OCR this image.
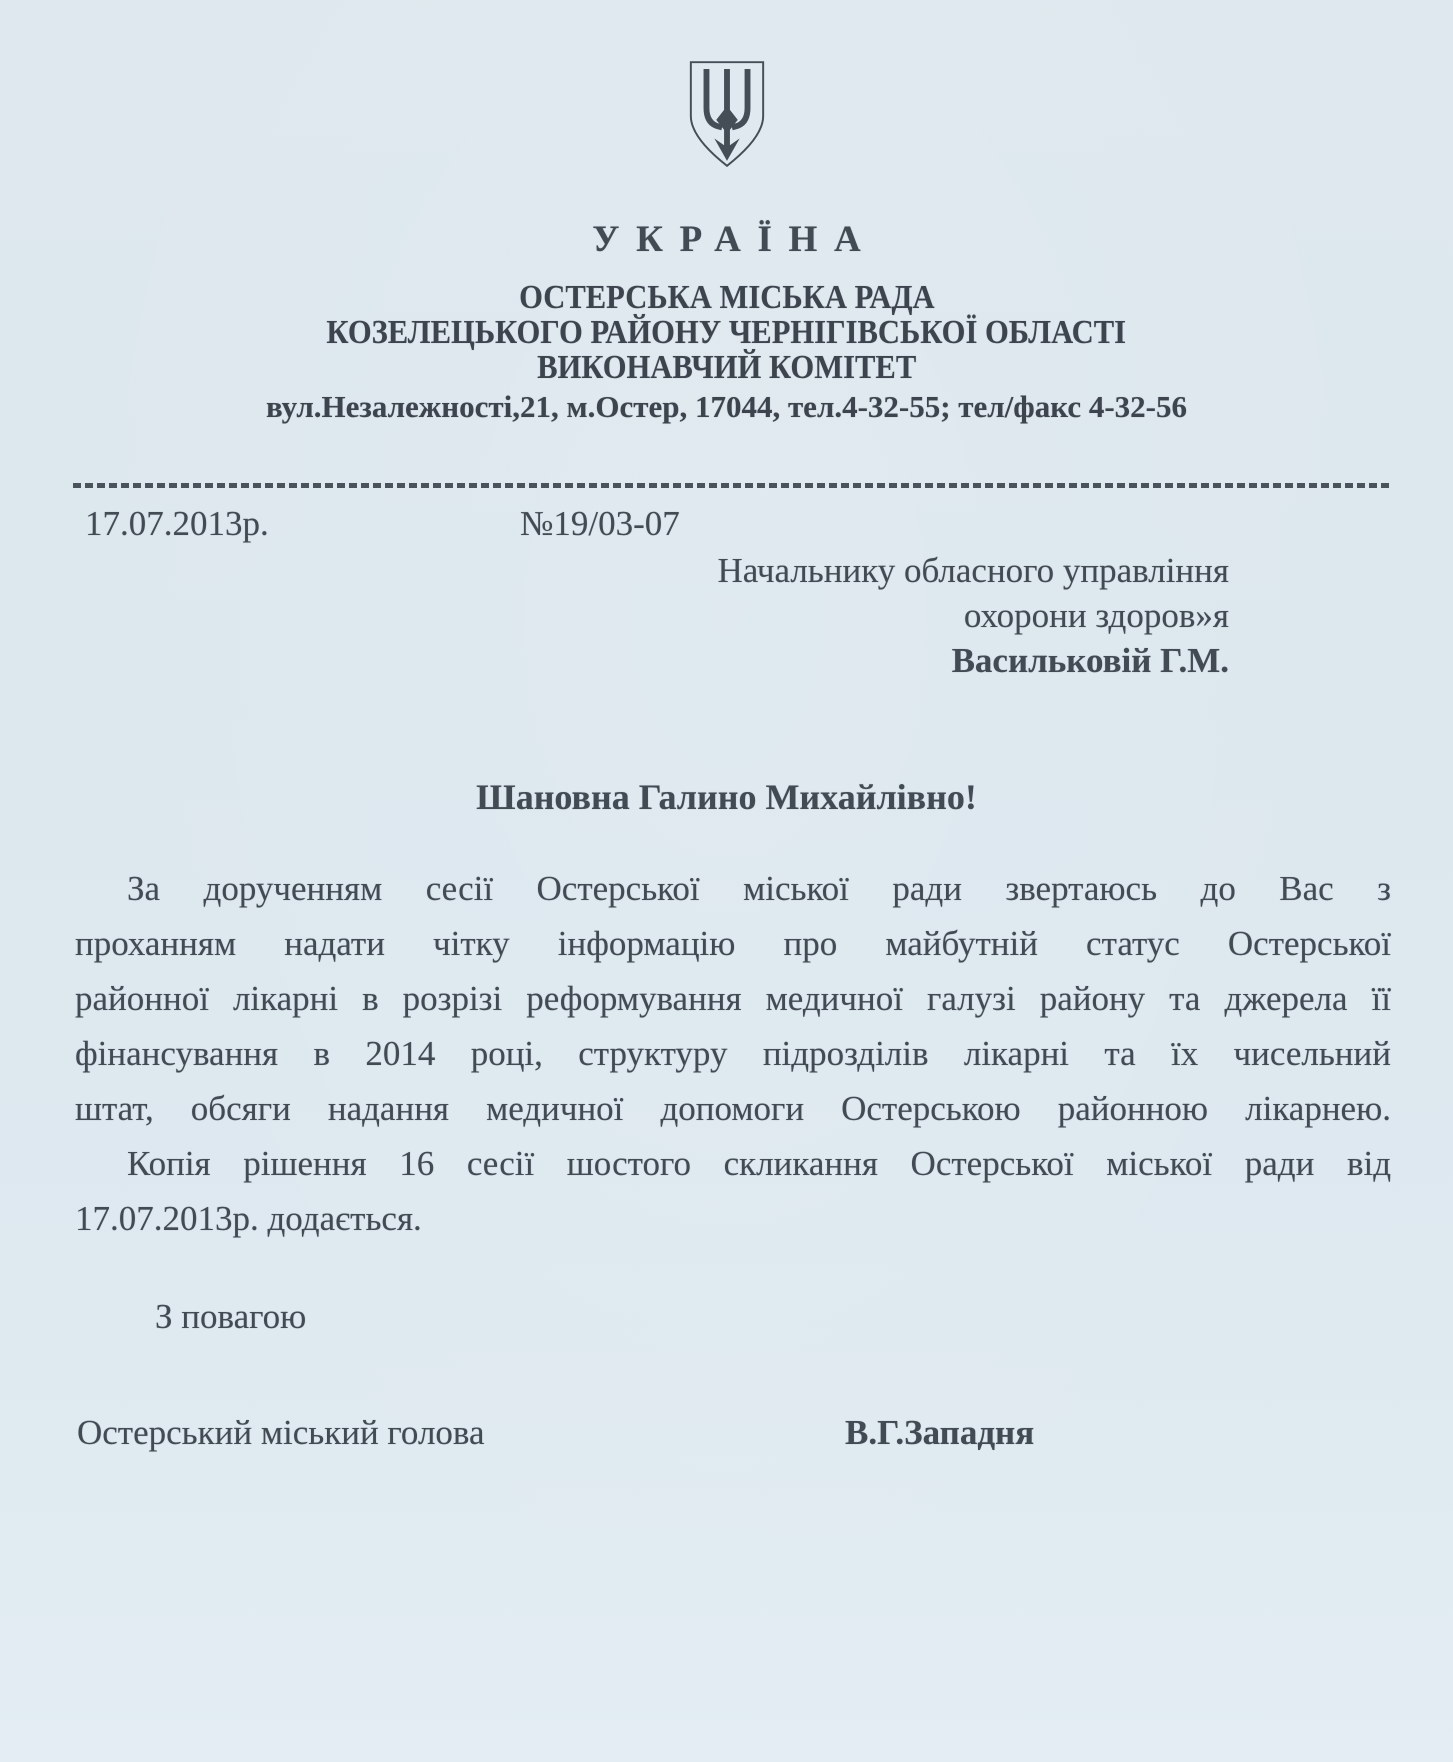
УКРАЇНА
ОСТЕРСЬКА МІСЬКА РАДА
КОЗЕЛЕЦЬКОГО РАЙОНУ ЧЕРНІГІВСЬКОЇ ОБЛАСТІ
ВИКОНАВЧИЙ КОМІТЕТ
вул.Незалежності,21, м.Остер, 17044, тел.4-32-55; тел/факс 4-32-56
17.07.2013р.	№19/03-07
Начальнику обласного управління
охорони здоров»я
Васильковій Г.М.
Шановна Галино Михайлівно!
За дорученням сесії Остерської міської ради звертаюсь до Вас з
проханням надати чітку інформацію про майбутній статус Остерської
районної лікарні в розрізі реформування медичної галузі району та джерела її
фінансування в 2014 році, структуру підрозділів лікарні та їх чисельний
штат, обсяги надання медичної допомоги Остерською районною лікарнею.
Копія рішення 16 сесії шостого скликання Остерської міської ради від
17.07.2013р. додається.
З повагою
Остерський міський голова	В.Г.Западня
